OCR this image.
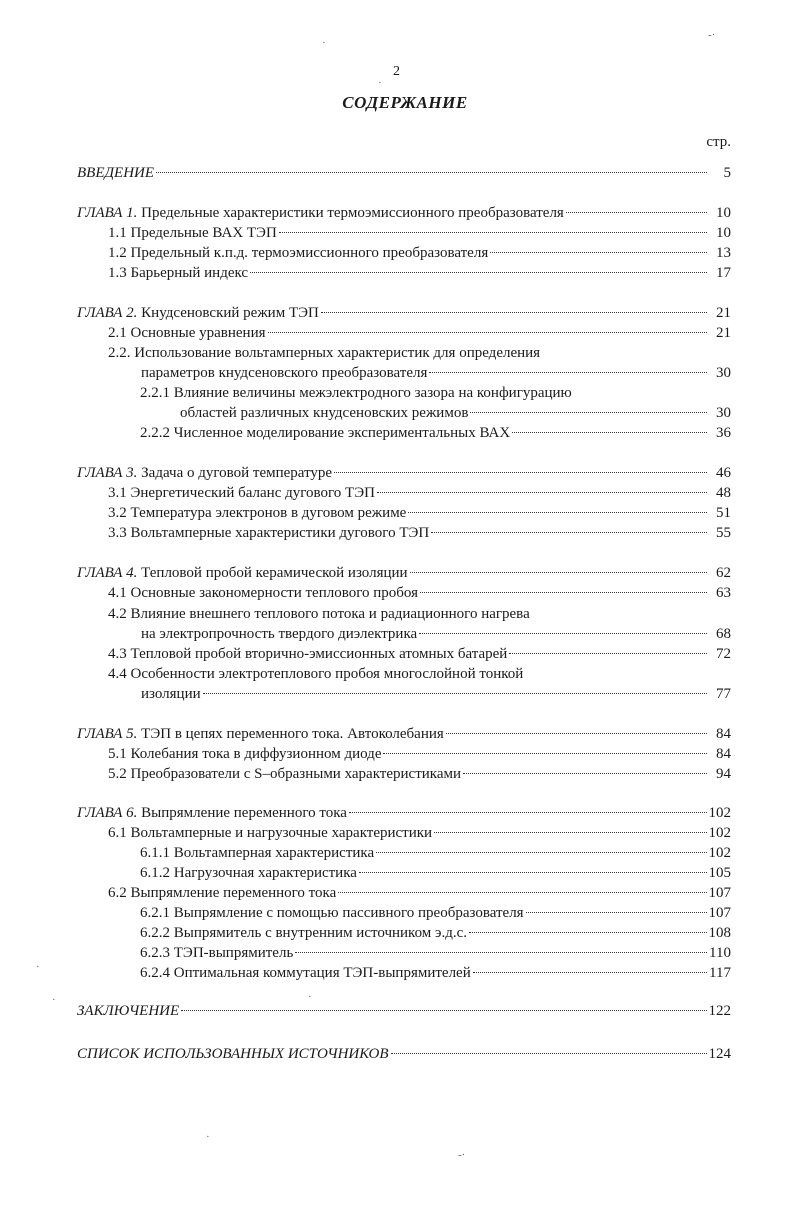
2
СОДЕРЖАНИЕ
стр.
ВВЕДЕНИЕ	5
ГЛАВА 1. Предельные характеристики термоэмиссионного преобразователя	10
1.1 Предельные ВАХ ТЭП	10
1.2 Предельный к.п.д. термоэмиссионного преобразователя	13
1.3 Барьерный индекс	17
ГЛАВА 2. Кнудсеновский режим ТЭП	21
2.1 Основные уравнения	21
2.2. Использование вольтамперных характеристик для определения
параметров кнудсеновского преобразователя	30
2.2.1 Влияние величины межэлектродного зазора на конфигурацию
областей различных кнудсеновских режимов	30
2.2.2 Численное моделирование экспериментальных ВАХ	36
ГЛАВА 3. Задача о дуговой температуре	46
3.1 Энергетический баланс дугового ТЭП	48
3.2 Температура электронов в дуговом режиме	51
3.3 Вольтамперные характеристики дугового ТЭП	55
ГЛАВА 4. Тепловой пробой керамической изоляции	62
4.1 Основные закономерности теплового пробоя	63
4.2 Влияние внешнего теплового потока и радиационного нагрева
на электропрочность твердого диэлектрика	68
4.3 Тепловой пробой вторично-эмиссионных атомных батарей	72
4.4 Особенности электротеплового пробоя многослойной тонкой
изоляции	77
ГЛАВА 5. ТЭП в цепях переменного тока. Автоколебания	84
5.1 Колебания тока в диффузионном диоде	84
5.2 Преобразователи с S–образными характеристиками	94
ГЛАВА 6. Выпрямление переменного тока	102
6.1 Вольтамперные и нагрузочные характеристики	102
6.1.1 Вольтамперная характеристика	102
6.1.2 Нагрузочная характеристика	105
6.2 Выпрямление переменного тока	107
6.2.1 Выпрямление с помощью пассивного преобразователя	107
6.2.2 Выпрямитель с внутренним источником э.д.с.	108
6.2.3 ТЭП-выпрямитель	110
6.2.4 Оптимальная коммутация ТЭП-выпрямителей	117
ЗАКЛЮЧЕНИЕ	122
СПИСОК ИСПОЛЬЗОВАННЫХ ИСТОЧНИКОВ	124
·
-·
·
·
·	·
·
-·
